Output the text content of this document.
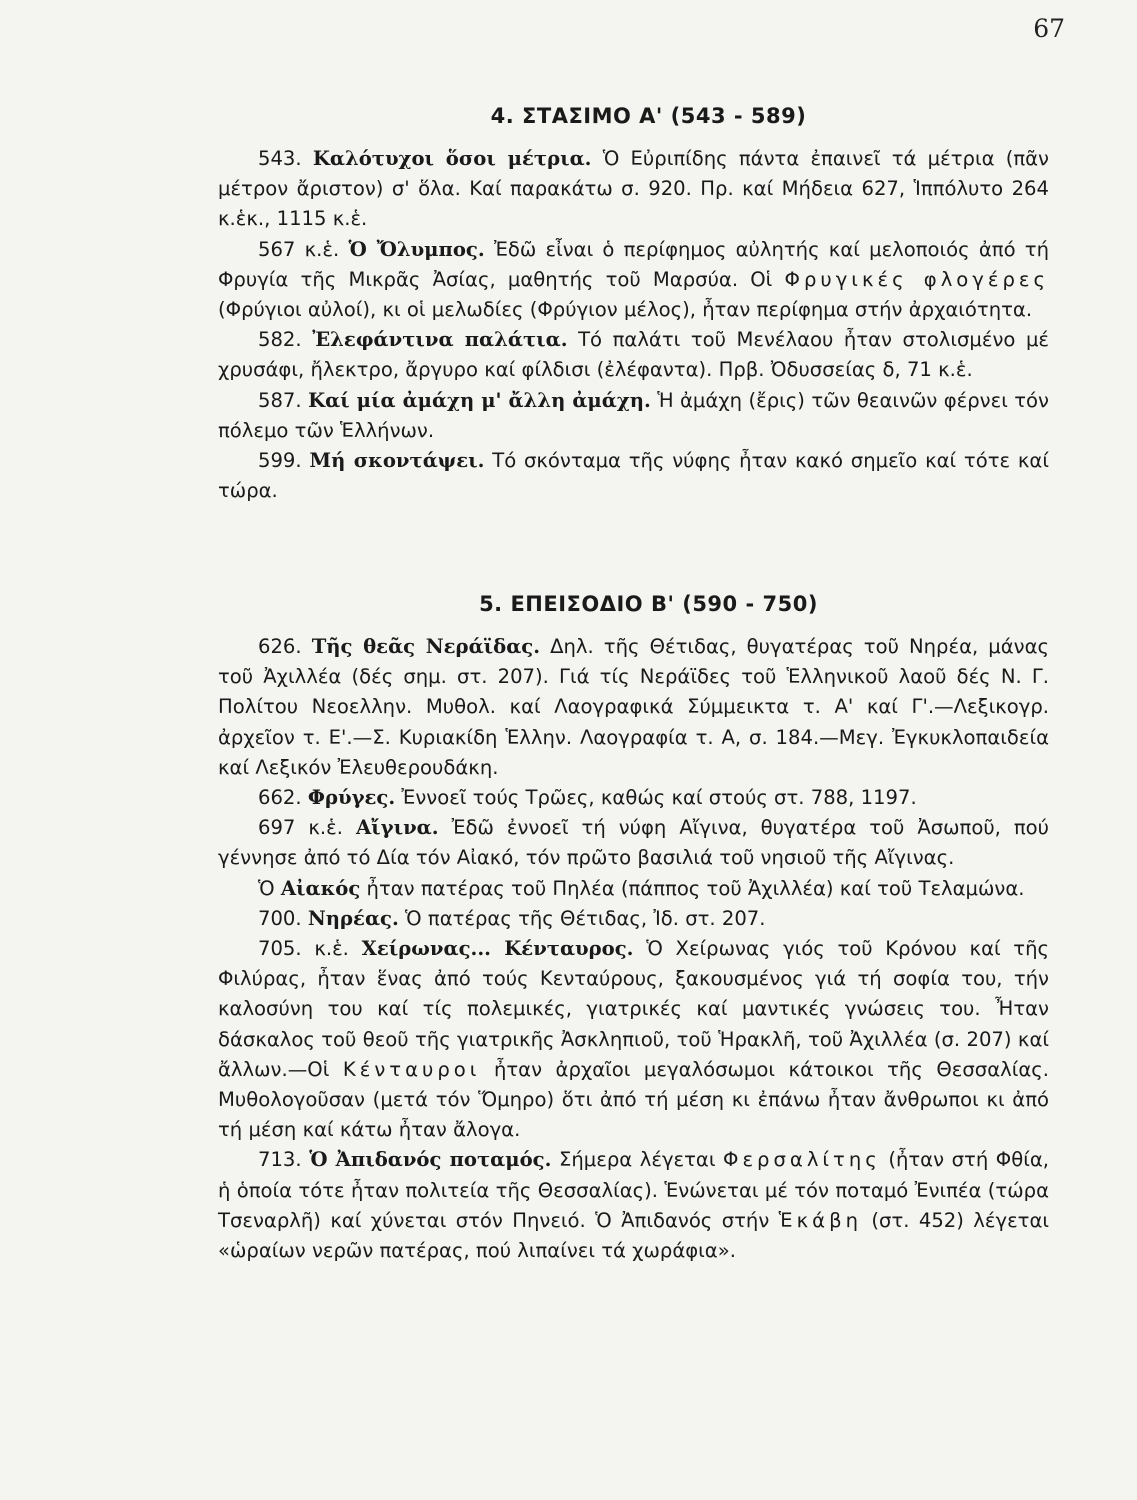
67
4. ΣΤΑΣΙΜΟ Α' (543 - 589)

543. Καλότυχοι ὅσοι μέτρια. Ὁ Εὐριπίδης πάντα ἐπαινεῖ τά μέτρια (πᾶν μέτρον ἄριστον) σ' ὅλα. Καί παρακάτω σ. 920. Πρ. καί Μήδεια 627, Ἱππόλυτο 264 κ.ἑκ., 1115 κ.ἑ.

567 κ.ἑ. Ὁ Ὄλυμπος. Ἐδῶ εἶναι ὁ περίφημος αὐλητής καί μελοποιός ἀπό τή Φρυγία τῆς Μικρᾶς Ἀσίας, μαθητής τοῦ Μαρσύα. Οἱ Φρυγικές φλογέρες (Φρύγιοι αὐλοί), κι οἱ μελωδίες (Φρύγιον μέλος), ἦταν περίφημα στήν ἀρχαιότητα.

582. Ἐλεφάντινα παλάτια. Τό παλάτι τοῦ Μενέλαου ἦταν στολισμένο μέ χρυσάφι, ἤλεκτρο, ἄργυρο καί φίλδισι (ἐλέφαντα). Πρβ. Ὀδυσσείας δ, 71 κ.ἑ.

587. Καί μία ἀμάχη μ' ἄλλη ἀμάχη. Ἡ ἀμάχη (ἔρις) τῶν θεαινῶν φέρνει τόν πόλεμο τῶν Ἑλλήνων.

599. Μή σκοντάψει. Τό σκόνταμα τῆς νύφης ἦταν κακό σημεῖο καί τότε καί τώρα.

5. ΕΠΕΙΣΟΔΙΟ Β' (590 - 750)

626. Τῆς θεᾶς Νεράϊδας. Δηλ. τῆς Θέτιδας, θυγατέρας τοῦ Νηρέα, μάνας τοῦ Ἀχιλλέα (δές σημ. στ. 207). Γιά τίς Νεράϊδες τοῦ Ἑλληνικοῦ λαοῦ δές Ν. Γ. Πολίτου Νεοελλην. Μυθολ. καί Λαογραφικά Σύμμεικτα τ. Α' καί Γ'.—Λεξικογρ. ἀρχεῖον τ. Ε'.—Σ. Κυριακίδη Ἑλλην. Λαογραφία τ. Α, σ. 184.—Μεγ. Ἐγκυκλοπαιδεία καί Λεξικόν Ἐλευθερουδάκη.

662. Φρύγες. Ἐννοεῖ τούς Τρῶες, καθώς καί στούς στ. 788, 1197.

697 κ.ἑ. Αἴγινα. Ἐδῶ ἐννοεῖ τή νύφη Αἴγινα, θυγατέρα τοῦ Ἀσωποῦ, πού γέννησε ἀπό τό Δία τόν Αἰακό, τόν πρῶτο βασιλιά τοῦ νησιοῦ τῆς Αἴγινας.

Ὁ Αἰακός ἦταν πατέρας τοῦ Πηλέα (πάππος τοῦ Ἀχιλλέα) καί τοῦ Τελαμώνα.

700. Νηρέας. Ὁ πατέρας τῆς Θέτιδας, Ἰδ. στ. 207.

705. κ.ἑ. Χείρωνας... Κένταυρος. Ὁ Χείρωνας γιός τοῦ Κρόνου καί τῆς Φιλύρας, ἦταν ἕνας ἀπό τούς Κενταύρους, ξακουσμένος γιά τή σοφία του, τήν καλοσύνη του καί τίς πολεμικές, γιατρικές καί μαντικές γνώσεις του. Ἦταν δάσκαλος τοῦ θεοῦ τῆς γιατρικῆς Ἀσκληπιοῦ, τοῦ Ἡρακλῆ, τοῦ Ἀχιλλέα (σ. 207) καί ἄλλων.—Οἱ Κένταυροι ἦταν ἀρχαῖοι μεγαλόσωμοι κάτοικοι τῆς Θεσσαλίας. Μυθολογοῦσαν (μετά τόν Ὅμηρο) ὅτι ἀπό τή μέση κι ἐπάνω ἦταν ἄνθρωποι κι ἀπό τή μέση καί κάτω ἦταν ἄλογα.

713. Ὁ Ἀπιδανός ποταμός. Σήμερα λέγεται Φερσαλίτης (ἦταν στή Φθία, ἡ ὁποία τότε ἦταν πολιτεία τῆς Θεσσαλίας). Ἑνώνεται μέ τόν ποταμό Ἐνιπέα (τώρα Τσεναρλῆ) καί χύνεται στόν Πηνειό. Ὁ Ἀπιδανός στήν Ἑκάβη (στ. 452) λέγεται «ὡραίων νερῶν πατέρας, πού λιπαίνει τά χωράφια».
